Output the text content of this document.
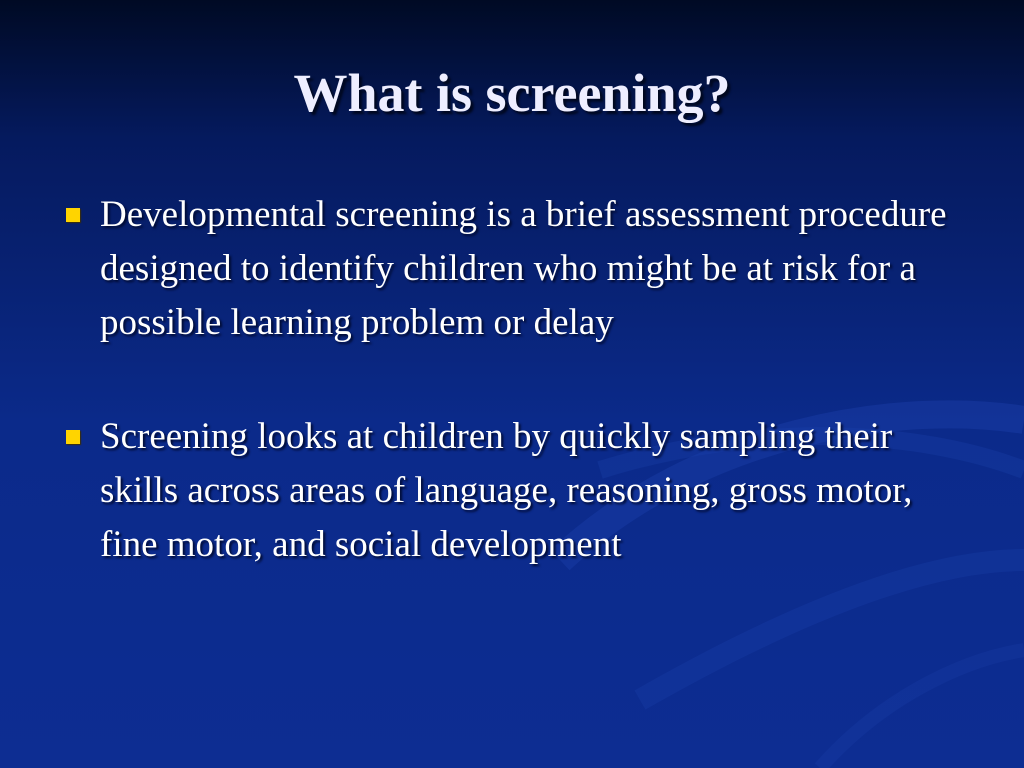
What is screening?
Developmental screening is a brief assessment procedure designed to identify children who might be at risk for a possible learning problem or delay
Screening looks at children by quickly sampling their skills across areas of language, reasoning, gross motor, fine motor, and social development
